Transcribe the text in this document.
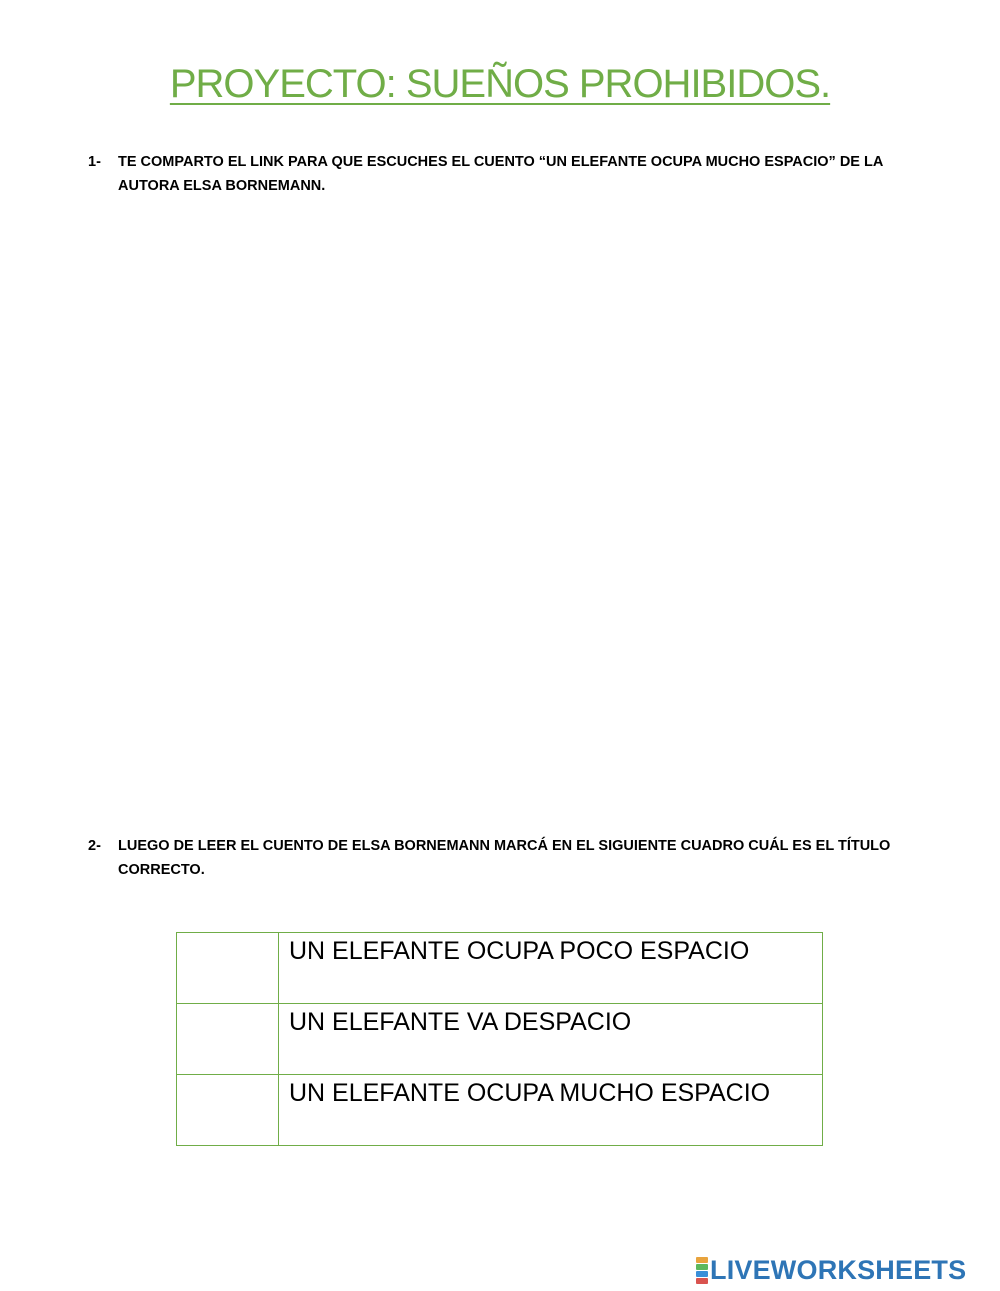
PROYECTO: SUEÑOS PROHIBIDOS.
1- TE COMPARTO EL LINK PARA QUE ESCUCHES EL CUENTO “UN ELEFANTE OCUPA MUCHO ESPACIO” DE LA AUTORA ELSA BORNEMANN.
2- LUEGO DE LEER EL CUENTO DE ELSA BORNEMANN MARCÁ EN EL SIGUIENTE CUADRO CUÁL ES EL TÍTULO CORRECTO.
	UN ELEFANTE OCUPA POCO ESPACIO
	UN ELEFANTE VA DESPACIO
	UN ELEFANTE OCUPA MUCHO ESPACIO
LIVEWORKSHEETS
